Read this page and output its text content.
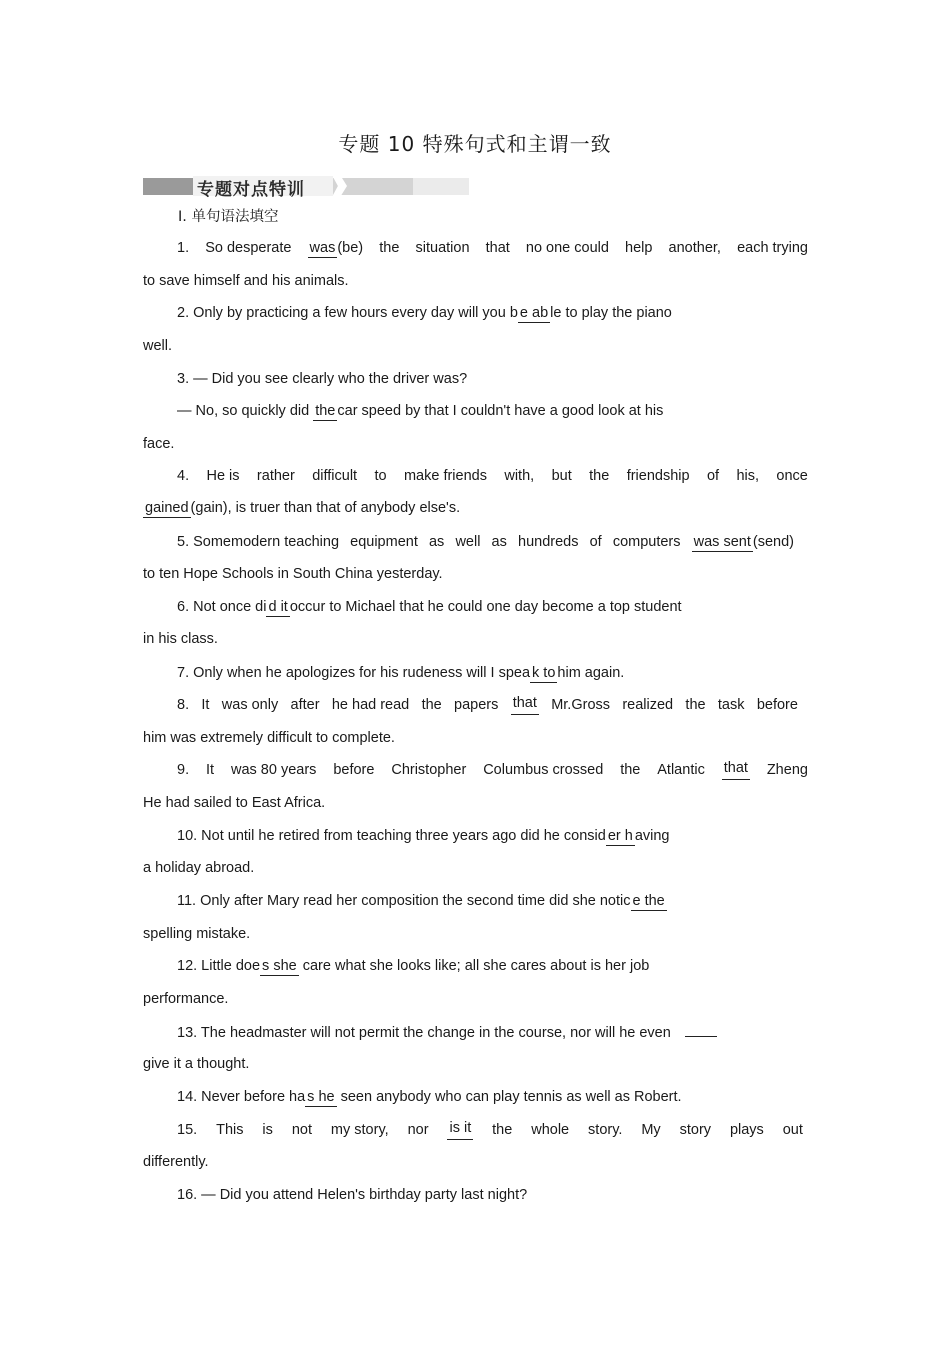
专题 10 特殊句式和主谓一致
专题对点特训
Ⅰ. 单句语法填空
1. So desperate was (be) the situation that no one could help another, each trying
to save himself and his animals.
2. Only by practicing a few hours every day will you b e ab le to play the piano
well.
3. — Did you see clearly who the driver was?
— No, so quickly did thecar speed by that I couldn't have a good look at his
face.
4. He is rather difficult to make friends with, but the friendship of his, once
gained (gain), is truer than that of anybody else's.
5. Somemodern teaching equipment as well as hundreds of computers wassent (send)
to ten Hope Schools in South China yesterday.
6. Not once di d itoccur to Michael that he could one day become a top student
in his class.
7. Only when he apologizes for his rudeness will I spea k tohim again.
8. It was only after he had read the papers that Mr.Gross realized the task before
him was extremely difficult to complete.
9. It was 80 years before Christopher Columbus crossed the Atlantic that Zheng
He had sailed to East Africa.
10. Not until he retired from teaching three years ago did he consid er h aving
a holiday abroad.
11. Only after Mary read her composition the second time did she notic e the
spelling mistake.
12. Little doe s she care what she looks like; all she cares about is her job
performance.
13. The headmaster will not permit the change in the course, nor will he even
give it a thought.
14. Never before ha s he seen anybody who can play tennis as well as Robert.
15. This is not my story, nor is it the whole story. My story plays out
differently.
16. — Did you attend Helen's birthday party last night?
